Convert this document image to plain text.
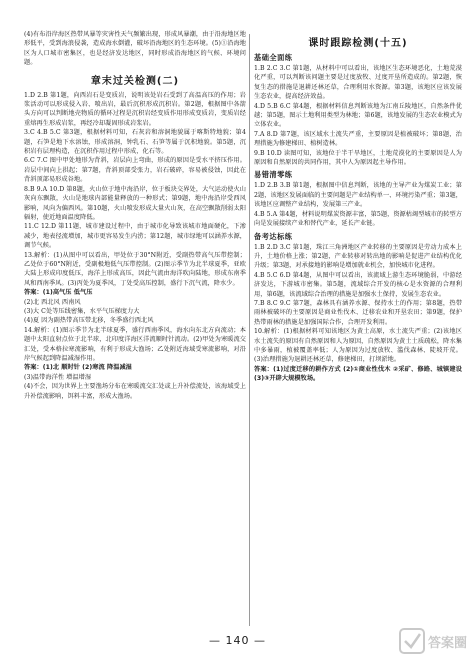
(4)有布沿岸海区热带风暴等灾害性天气频繁出现，形成风暴潮，由于沿海地区地形低平，受到海浪侵袭，造成海水倒灌，破坏沿海地区的生态环境。(5)①沿海地区为人口城市密集区，也是经济发达地区，同时形成沿海地区的气候、环境问题。

章末过关检测(二)

1.D 2.B 第1题，向西岩石是变质岩，说明该处岩石受到了高温高压的作用；岩浆活动可以形成侵入岩、喷出岩，最后沉积形成沉积岩。第2题，根据图中各箭头方向可以判断地壳物质的循环过程是沉积岩经变质作用形成变质岩，变质岩经重熔再生形成岩浆，再经冷却凝固形成岩浆岩。

3.C 4.B 5.C 第3题，根据材料可知，石灰岩和溶洞地貌属于喀斯特地貌；第4题，石笋是地下水溶蚀，形成溶洞，钟乳石、石笋等属于沉积地貌。第5题，沉积岩有层理构造，在沉积作用过程中形成，化石等。

6.C 7.C 图中甲处地形为背斜，岩层向上弯曲，形成的原因是受水平挤压作用。岩层中间向上拱起；第7题，背斜顶部受张力，岩石破碎，容易被侵蚀，因此在背斜顶部易形成谷地。

8.B 9.A 10.D 第8题，火山位于地中海沿岸，位于板块交界处，大气运动使火山灰向东飘散，火山是地球内部能量释放的一种形式；第9题，地中海沿岸受西风影响，风向为偏西风。第10题，火山喷发形成大量火山灰，在高空飘散削弱太阳辐射，使近地面温度降低。

11.C 12.D 第11题，城市建设过程中，由于城市化导致该城市地面硬化，下渗减少，地表径流增加，城市更容易发生内涝；第12题，城市绿地可以涵养水源，调节气候。

13.解析：(1)从图中可以看出，甲处位于30°N附近，受副热带高气压带控制；乙处位于60°N附近，受副极地低气压带控制。(2)图示季节为北半球夏季，亚欧大陆上形成印度低压，海洋上形成高压，因此气流由海洋吹向陆地，形成东南季风和西南季风。(3)丙处为夏季风，丁处受高压控制，盛行下沉气流，降水少。

答案：(1)高气压 低气压

(2)北 西北风 西南风

(3)大 C处等压线密集，水平气压梯度力大

(4)夏 因为副热带高压带北移，冬季盛行西北风

14.解析：(1)图示季节为北半球夏季，盛行西南季风，海水向东北方向流动；本题中太阳直射点位于北半球，北印度洋海区洋流顺时针流动。(2)甲处为寒暖流交汇处，受本格拉寒流影响，有利于形成大渔场；乙处附近海域受寒流影响，对沿岸气候起到降温减湿作用。

答案：(1)北 顺时针 (2)寒流 降温减湿

(3)温带海洋性 增温增湿

(4)不会，因为世界上主要渔场分布在寒暖流交汇处或上升补偿流处，该海域受上升补偿流影响，饵料丰富，形成大渔场。

课时跟踪检测(十五)
基础全面练

1.B 2.C 3.C 第1题，从材料中可以看出，该地区生态环境恶化，土地荒漠化严重，可以判断该问题主要是过度放牧、过度开垦所造成的。第2题，恢复生态的措施是退耕还林还草，合理利用水资源。第3题，该地区应该发展生态农业，提高经济效益。

4.D 5.B 6.C 第4题，根据材料信息判断该地为江南丘陵地区，自然条件优越；第5题，图示土地利用类型为林地；第6题，该地发展的生态农业模式为立体农业。

7.A 8.D 第7题，该区域水土流失严重，主要原因是植被破坏；第8题，治理措施为修建梯田、植树造林。

9.B 10.D 读图可知，该地位于半干旱地区，土地荒漠化的主要原因是人为原因和自然原因的共同作用，其中人为原因起主导作用。

易错清零练

1.D 2.B 3.B 第1题，根据图中信息判断，该地的主导产业为煤炭工业；第2题，该地区发展面临的主要问题是产业结构单一、环境污染严重；第3题，该地区应调整产业结构，发展第三产业。

4.B 5.A 第4题，材料说明煤炭资源丰富，第5题，资源枯竭型城市的转型方向是发展接续产业和替代产业，延长产业链。

备考达标练

1.B 2.D 3.C 第1题，珠江三角洲地区产业转移的主要原因是劳动力成本上升，土地价格上涨；第2题，产业转移对转出地的影响是促进产业结构优化升级；第3题，对承接地的影响是增加就业机会，加快城市化进程。

4.B 5.C 6.D 第4题，从图中可以看出，该流域上游生态环境脆弱，中游经济发达，下游城市密集。第5题，流域综合开发的核心是水资源的合理利用，第6题，该流域综合治理的措施是加强水土保持，发展生态农业。

7.B 8.C 9.C 第7题，森林具有涵养水源、保持水土的作用；第8题，热带雨林被破坏的主要原因是商业性伐木、迁移农业和开垦农田；第9题，保护热带雨林的措施是加强国际合作，合理开发利用。

10.解析：(1)根据材料可知该地区为黄土高原，水土流失严重；(2)该地区水土流失的原因有自然原因和人为原因，自然原因为黄土土质疏松，降水集中多暴雨，植被覆盖率低；人为原因为过度放牧、滥伐森林、陡坡开荒。(3)治理措施为退耕还林还草，修建梯田，打坝淤地。

答案：(1)过度迁移的耕作方式 (2)①商业性伐木 ②采矿、修路、城镇建设 (3)③开辟大规模牧场。

— 140 —	答案圈
